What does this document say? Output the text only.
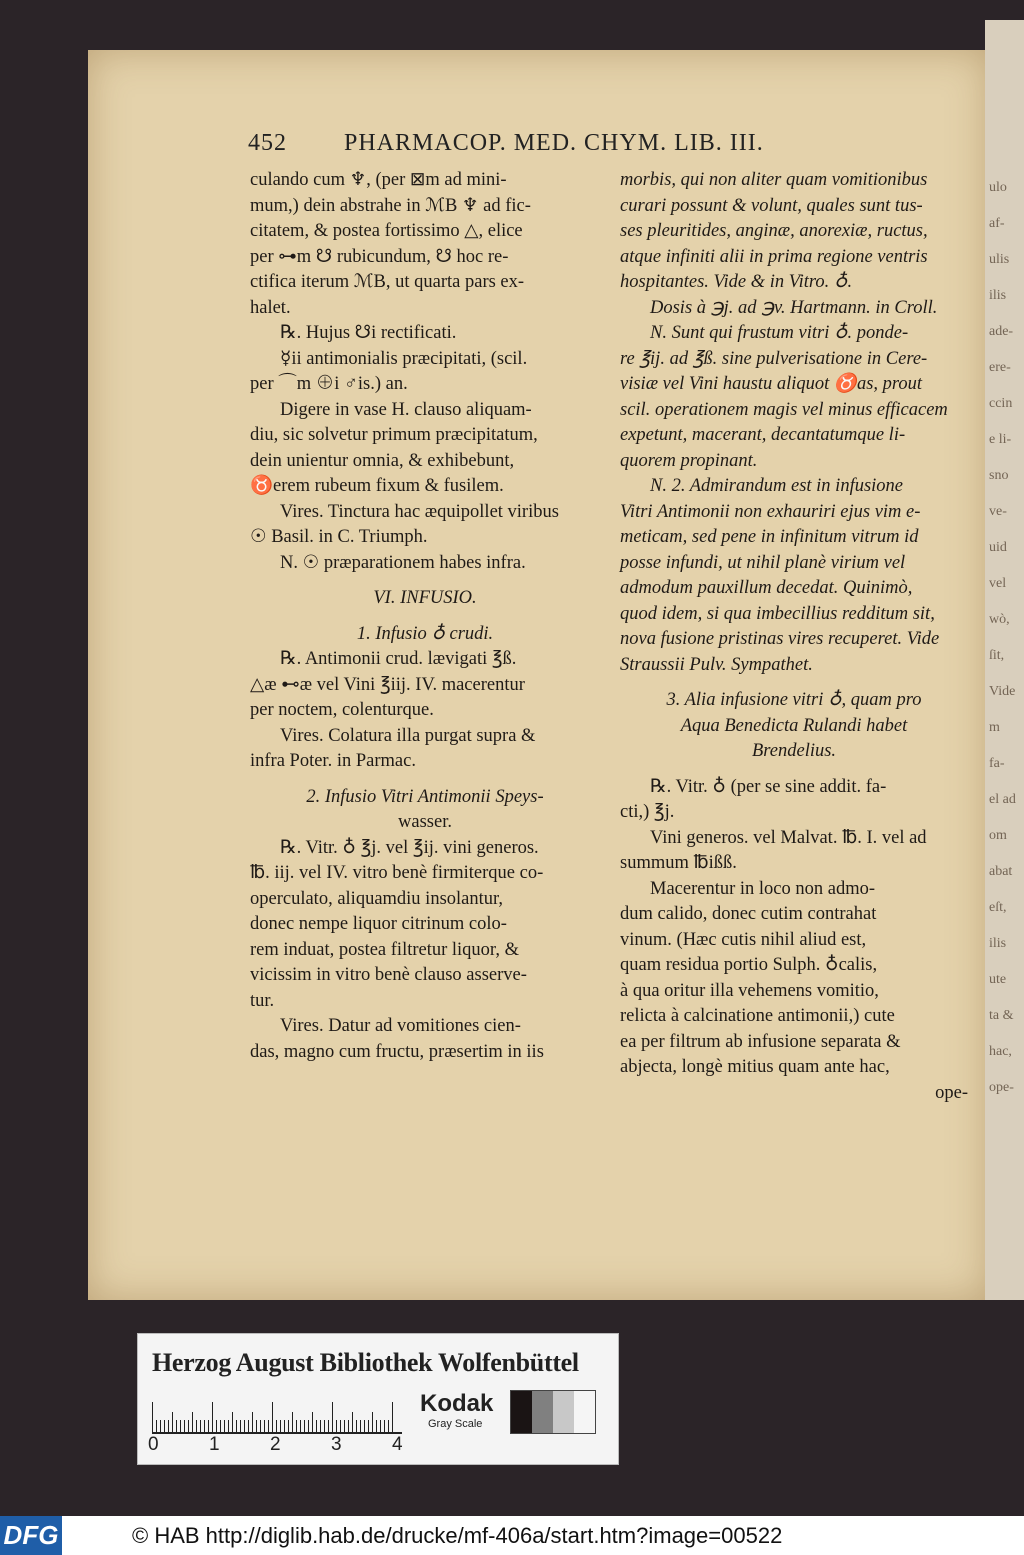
ulo
af-
ulis
ilis
ade-
ere-
ccin
e li-
sno
ve-
uid
vel
wò,
ſit,
Vide
m
fa-
el ad
om
abat
eſt,
ilis
ute
ta &
hac,
ope-
452 PHARMACOP. MED. CHYM. LIB. III.

culando cum ♆, (per ⊠m ad mini-

mum,) dein abstrahe in ℳB ♆ ad fic-

citatem, & postea fortissimo △, elice

per ⊶m ☋ rubicundum, ☋ hoc re-

ctifica iterum ℳB, ut quarta pars ex-

halet.

℞. Hujus ☋i rectificati.

☿ii antimonialis præcipitati, (scil.

per ⌒m ⊕i ♂is.) an.

Digere in vase H. clauso aliquam-

diu, sic solvetur primum præcipitatum,

dein unientur omnia, & exhibebunt,

♉erem rubeum fixum & fusilem.

Vires. Tinctura hac æquipollet viribus

☉ Basil. in C. Triumph.

N. ☉ præparationem habes infra.

VI. INFUSIO.

1. Infusio ♁ crudi.

℞. Antimonii crud. lævigati ℥ß.

△æ ⊷æ vel Vini ℥iij. IV. macerentur

per noctem, colenturque.

Vires. Colatura illa purgat supra &

infra Poter. in Parmac.

2. Infusio Vitri Antimonii Speys-

wasser.

℞. Vitr. ♁ ℥j. vel ℥ij. vini generos.

℔. iij. vel IV. vitro benè firmiterque co-

operculato, aliquamdiu insolantur,

donec nempe liquor citrinum colo-

rem induat, postea filtretur liquor, &

vicissim in vitro benè clauso asserve-

tur.

Vires. Datur ad vomitiones cien-

das, magno cum fructu, præsertim in iis

morbis, qui non aliter quam vomitionibus

curari possunt & volunt, quales sunt tus-

ses pleuritides, anginæ, anorexiæ, ructus,

atque infiniti alii in prima regione ventris

hospitantes. Vide & in Vitro. ♁.

Dosis à ℈j. ad ℈v. Hartmann. in Croll.

N. Sunt qui frustum vitri ♁. ponde-

re ℥ij. ad ℥ß. sine pulverisatione in Cere-

visiæ vel Vini haustu aliquot ♉as, prout

scil. operationem magis vel minus efficacem

expetunt, macerant, decantatumque li-

quorem propinant.

N. 2. Admirandum est in infusione

Vitri Antimonii non exhauriri ejus vim e-

meticam, sed pene in infinitum vitrum id

posse infundi, ut nihil planè virium vel

admodum pauxillum decedat. Quinimò,

quod idem, si qua imbecillius redditum sit,

nova fusione pristinas vires recuperet. Vide

Straussii Pulv. Sympathet.

3. Alia infusione vitri ♁, quam pro

Aqua Benedicta Rulandi habet

Brendelius.

℞. Vitr. ♁ (per se sine addit. fa-

cti,) ℥j.

Vini generos. vel Malvat. ℔. I. vel ad

summum ℔ißß.

Macerentur in loco non admo-

dum calido, donec cutim contrahat

vinum. (Hæc cutis nihil aliud est,

quam residua portio Sulph. ♁calis,

à qua oritur illa vehemens vomitio,

relicta à calcinatione antimonii,) cute

ea per filtrum ab infusione separata &

abjecta, longè mitius quam ante hac,

ope-

Herzog August Bibliothek Wolfenbüttel
0	1	2	3	4
Kodak
Gray Scale
DFG	© HAB http://diglib.hab.de/drucke/mf-406a/start.htm?image=00522
